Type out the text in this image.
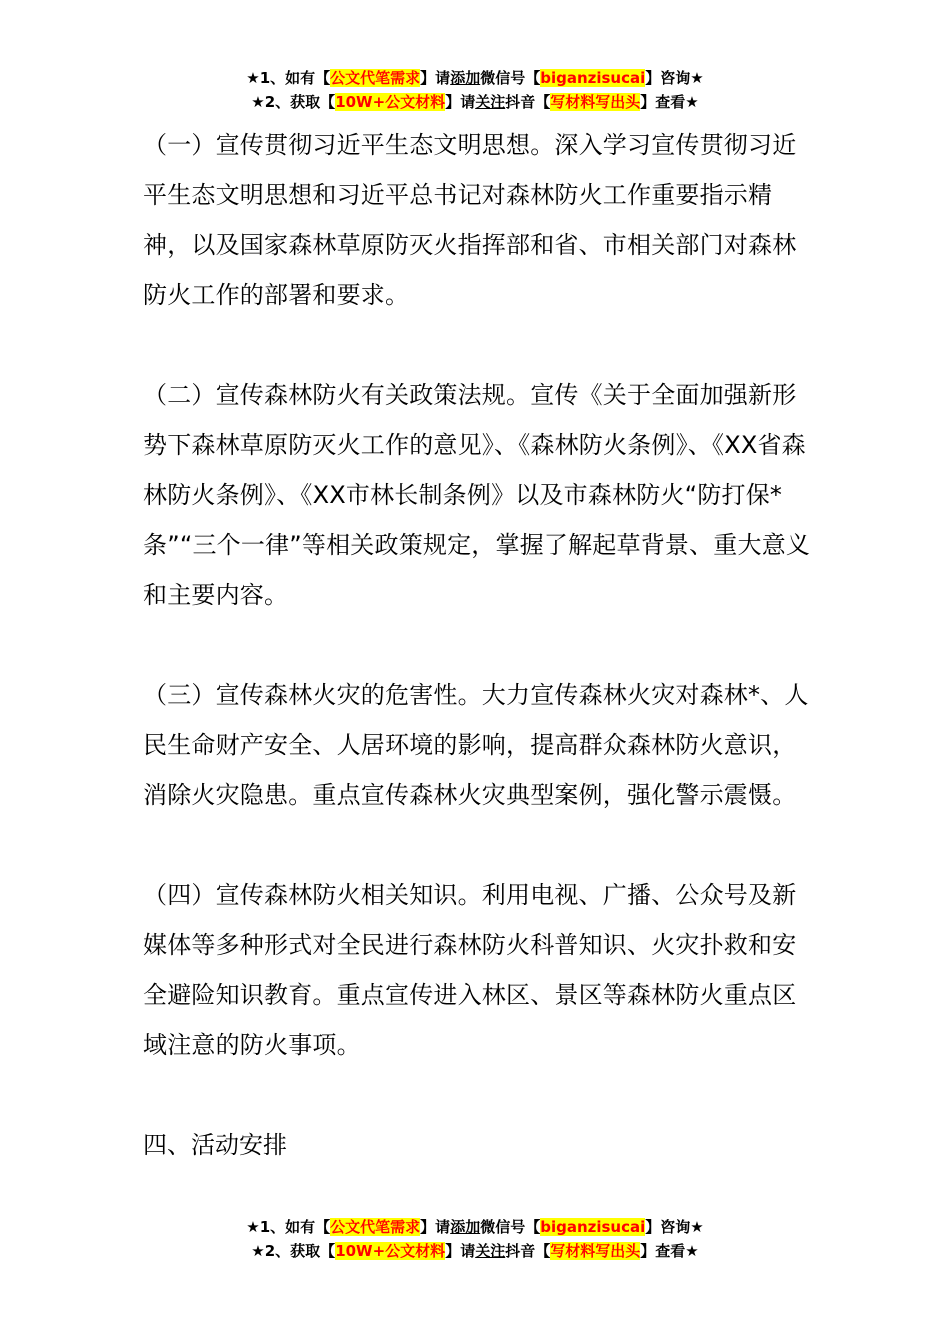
★1、如有【公文代笔需求】请添加微信号【biganzisucai】咨询★
★2、获取【10W+公文材料】请关注抖音【写材料写出头】查看★

（一）宣传贯彻习近平生态文明思想。深入学习宣传贯彻习近平生态文明思想和习近平总书记对森林防火工作重要指示精神，以及国家森林草原防灭火指挥部和省、市相关部门对森林防火工作的部署和要求。

（二）宣传森林防火有关政策法规。宣传《关于全面加强新形势下森林草原防灭火工作的意见》、《森林防火条例》、《XX省森林防火条例》、《XX市林长制条例》以及市森林防火“防打保*条”“三个一律”等相关政策规定，掌握了解起草背景、重大意义和主要内容。

（三）宣传森林火灾的危害性。大力宣传森林火灾对森林*、人民生命财产安全、人居环境的影响，提高群众森林防火意识，消除火灾隐患。重点宣传森林火灾典型案例，强化警示震慑。

（四）宣传森林防火相关知识。利用电视、广播、公众号及新媒体等多种形式对全民进行森林防火科普知识、火灾扑救和安全避险知识教育。重点宣传进入林区、景区等森林防火重点区域注意的防火事项。

四、活动安排

★1、如有【公文代笔需求】请添加微信号【biganzisucai】咨询★
★2、获取【10W+公文材料】请关注抖音【写材料写出头】查看★
